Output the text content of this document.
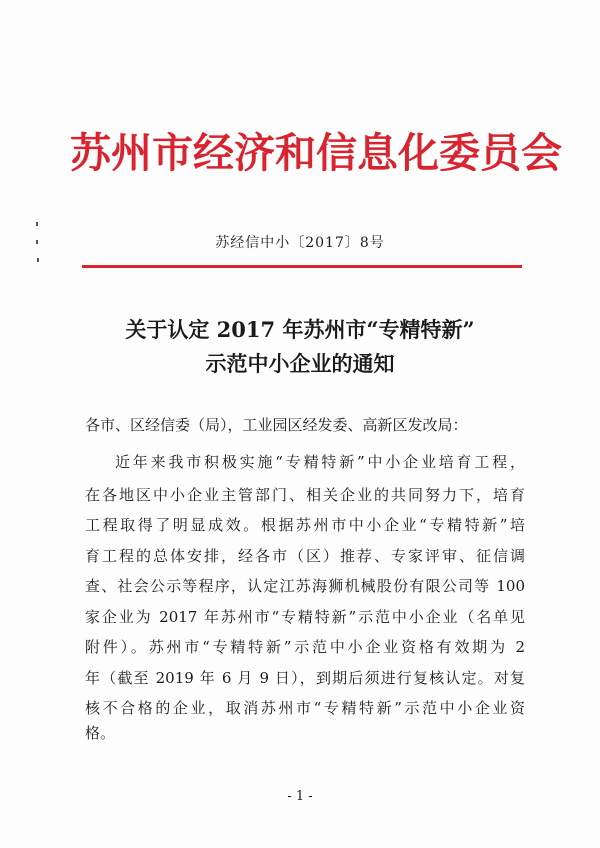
苏州市经济和信息化委员会
苏经信中小〔2017〕8号
关于认定 2017 年苏州市“专精特新”
示范中小企业的通知
各市、区经信委（局），工业园区经发委、高新区发改局：
近年来我市积极实施“专精特新”中小企业培育工程，
在各地区中小企业主管部门、相关企业的共同努力下，培育
工程取得了明显成效。根据苏州市中小企业“专精特新”培
育工程的总体安排，经各市（区）推荐、专家评审、征信调
查、社会公示等程序，认定江苏海狮机械股份有限公司等 100
家企业为 2017 年苏州市“专精特新”示范中小企业（名单见
附件）。苏州市“专精特新”示范中小企业资格有效期为 2
年（截至 2019 年 6 月 9 日），到期后须进行复核认定。对复
核不合格的企业，取消苏州市“专精特新”示范中小企业资
格。
- 1 -
